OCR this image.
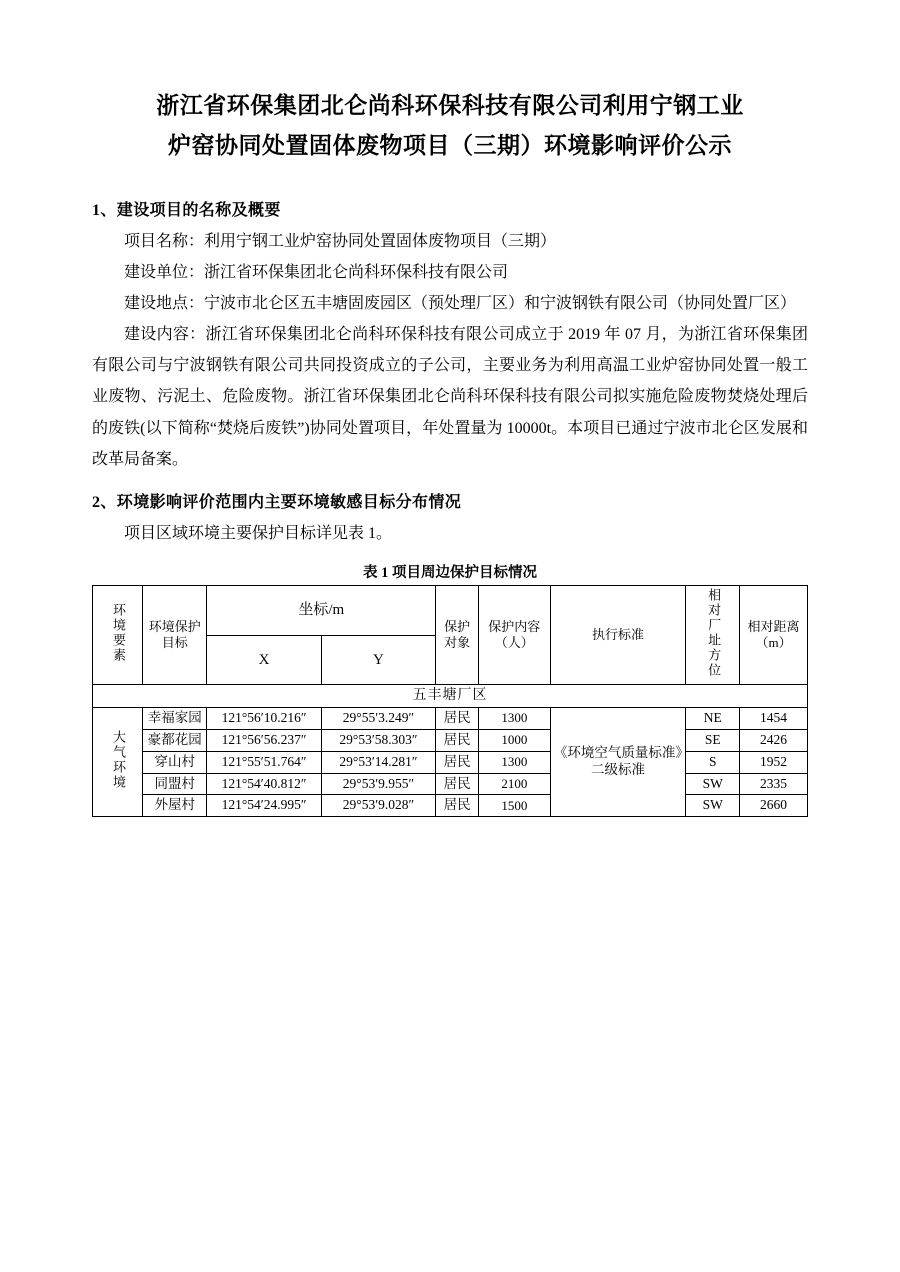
浙江省环保集团北仑尚科环保科技有限公司利用宁钢工业
炉窑协同处置固体废物项目（三期）环境影响评价公示
1、建设项目的名称及概要

项目名称：利用宁钢工业炉窑协同处置固体废物项目（三期）

建设单位：浙江省环保集团北仑尚科环保科技有限公司

建设地点：宁波市北仑区五丰塘固废园区（预处理厂区）和宁波钢铁有限公司（协同处置厂区）

建设内容：浙江省环保集团北仑尚科环保科技有限公司成立于 2019 年 07 月，为浙江省环保集团有限公司与宁波钢铁有限公司共同投资成立的子公司，主要业务为利用高温工业炉窑协同处置一般工业废物、污泥土、危险废物。浙江省环保集团北仑尚科环保科技有限公司拟实施危险废物焚烧处理后的废铁(以下简称“焚烧后废铁”)协同处置项目，年处置量为 10000t。本项目已通过宁波市北仑区发展和改革局备案。

2、环境影响评价范围内主要环境敏感目标分布情况

项目区域环境主要保护目标详见表 1。

表 1 项目周边保护目标情况
环境要素	环境保护目标	坐标/m		保护对象	保护内容（人）	执行标准	相对厂址方位	相对距离（m）
		X	Y					
五丰塘厂区								
大气环境	幸福家园	121°56′10.216″	29°55′3.249″	居民	1300	《环境空气质量标准》二级标准	NE	1454
	豪都花园	121°56′56.237″	29°53′58.303″	居民	1000		SE	2426
	穿山村	121°55′51.764″	29°53′14.281″	居民	1300		S	1952
	同盟村	121°54′40.812″	29°53′9.955″	居民	2100		SW	2335
	外屋村	121°54′24.995″	29°53′9.028″	居民	1500		SW	2660
